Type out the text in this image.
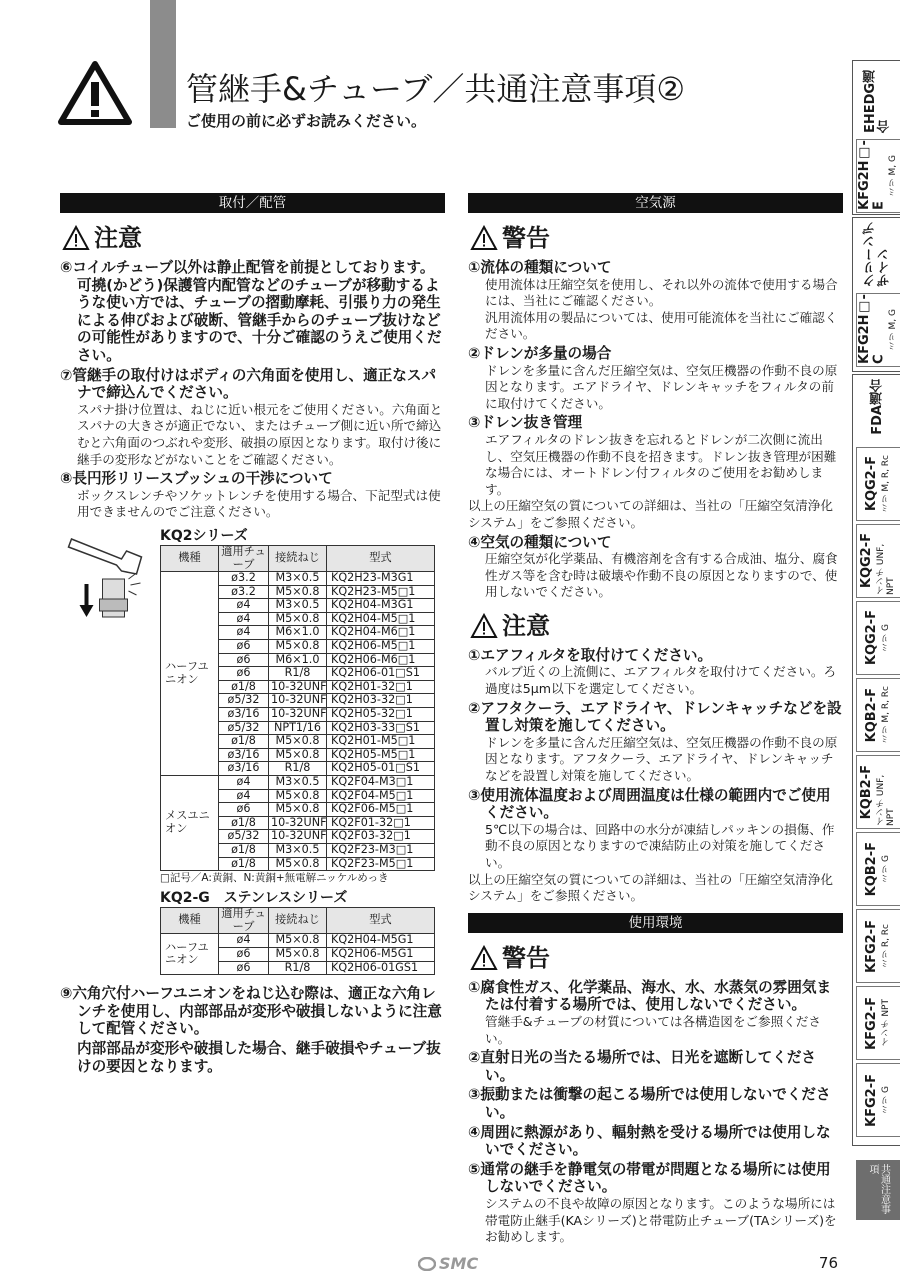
管継手&チューブ／共通注意事項②
ご使用の前に必ずお読みください。
取付／配管
注意
⑥コイルチューブ以外は静止配管を前提としております。可撓(かどう)保護管内配管などのチューブが移動するような使い方では、チューブの摺動摩耗、引張り力の発生による伸びおよび破断、管継手からのチューブ抜けなどの可能性がありますので、十分ご確認のうえご使用ください。
⑦管継手の取付けはボディの六角面を使用し、適正なスパナで締込んでください。
スパナ掛け位置は、ねじに近い根元をご使用ください。六角面とスパナの大きさが適正でない、またはチューブ側に近い所で締込むと六角面のつぶれや変形、破損の原因となります。取付け後に継手の変形などがないことをご確認ください。
⑧長円形リリースブッシュの干渉について
ボックスレンチやソケットレンチを使用する場合、下記型式は使用できませんのでご注意ください。
KQ2シリーズ
機種	適用チューブ	接続ねじ	型式
ハーフユニオン	ø3.2	M3×0.5	KQ2H23-M3G1
	ø3.2	M5×0.8	KQ2H23-M5□1
	ø4	M3×0.5	KQ2H04-M3G1
	ø4	M5×0.8	KQ2H04-M5□1
	ø4	M6×1.0	KQ2H04-M6□1
	ø6	M5×0.8	KQ2H06-M5□1
	ø6	M6×1.0	KQ2H06-M6□1
	ø6	R1/8	KQ2H06-01□S1
	ø1/8	10-32UNF	KQ2H01-32□1
	ø5/32	10-32UNF	KQ2H03-32□1
	ø3/16	10-32UNF	KQ2H05-32□1
	ø5/32	NPT1/16	KQ2H03-33□S1
	ø1/8	M5×0.8	KQ2H01-M5□1
	ø3/16	M5×0.8	KQ2H05-M5□1
	ø3/16	R1/8	KQ2H05-01□S1
メスユニオン	ø4	M3×0.5	KQ2F04-M3□1
	ø4	M5×0.8	KQ2F04-M5□1
	ø6	M5×0.8	KQ2F06-M5□1
	ø1/8	10-32UNF	KQ2F01-32□1
	ø5/32	10-32UNF	KQ2F03-32□1
	ø1/8	M3×0.5	KQ2F23-M3□1
	ø1/8	M5×0.8	KQ2F23-M5□1
□記号／A:黄銅、N:黄銅+無電解ニッケルめっき
KQ2-G　ステンレスシリーズ
機種	適用チューブ	接続ねじ	型式
ハーフユニオン	ø4	M5×0.8	KQ2H04-M5G1
	ø6	M5×0.8	KQ2H06-M5G1
	ø6	R1/8	KQ2H06-01GS1
⑨六角穴付ハーフユニオンをねじ込む際は、適正な六角レンチを使用し、内部部品が変形や破損しないように注意して配管ください。
内部部品が変形や破損した場合、継手破損やチューブ抜けの要因となります。
空気源
警告
①流体の種類について
使用流体は圧縮空気を使用し、それ以外の流体で使用する場合には、当社にご確認ください。
汎用流体用の製品については、使用可能流体を当社にご確認ください。
②ドレンが多量の場合
ドレンを多量に含んだ圧縮空気は、空気圧機器の作動不良の原因となります。エアドライヤ、ドレンキャッチをフィルタの前に取付けてください。
③ドレン抜き管理
エアフィルタのドレン抜きを忘れるとドレンが二次側に流出し、空気圧機器の作動不良を招きます。ドレン抜き管理が困難な場合には、オートドレン付フィルタのご使用をお勧めします。
以上の圧縮空気の質についての詳細は、当社の「圧縮空気清浄化システム」をご参照ください。
④空気の種類について
圧縮空気が化学薬品、有機溶剤を含有する合成油、塩分、腐食性ガス等を含む時は破壊や作動不良の原因となりますので、使用しないでください。
注意
①エアフィルタを取付けてください。
バルブ近くの上流側に、エアフィルタを取付けてください。ろ過度は5μm以下を選定してください。
②アフタクーラ、エアドライヤ、ドレンキャッチなどを設置し対策を施してください。
ドレンを多量に含んだ圧縮空気は、空気圧機器の作動不良の原因となります。アフタクーラ、エアドライヤ、ドレンキャッチなどを設置し対策を施してください。
③使用流体温度および周囲温度は仕様の範囲内でご使用ください。
5℃以下の場合は、回路中の水分が凍結しパッキンの損傷、作動不良の原因となりますので凍結防止の対策を施してください。
以上の圧縮空気の質についての詳細は、当社の「圧縮空気清浄化システム」をご参照ください。
使用環境
警告
①腐食性ガス、化学薬品、海水、水、水蒸気の雰囲気または付着する場所では、使用しないでください。
管継手&チューブの材質については各構造図をご参照ください。
②直射日光の当たる場所では、日光を遮断してください。
③振動または衝撃の起こる場所では使用しないでください。
④周囲に熱源があり、輻射熱を受ける場所では使用しないでください。
⑤通常の継手を静電気の帯電が問題となる場所には使用しないでください。
システムの不良や故障の原因となります。このような場所には帯電防止継手(KAシリーズ)と帯電防止チューブ(TAシリーズ)をお勧めします。
SMC	76
EHEDG適合
KFG2H□-E
ミリ M, G
クリーンデザイン
KFG2H□-C
ミリ M, G
FDA適合
KQG2-F ミリ M, R, Rc
KQG2-F インチ UNF, NPT
KQG2-F ミリ G
KQB2-F ミリ M, R, Rc
KQB2-F インチ UNF, NPT
KQB2-F ミリ G
KFG2-F ミリ R, Rc
KFG2-F インチ NPT
KFG2-F ミリ G
共通注意事項
